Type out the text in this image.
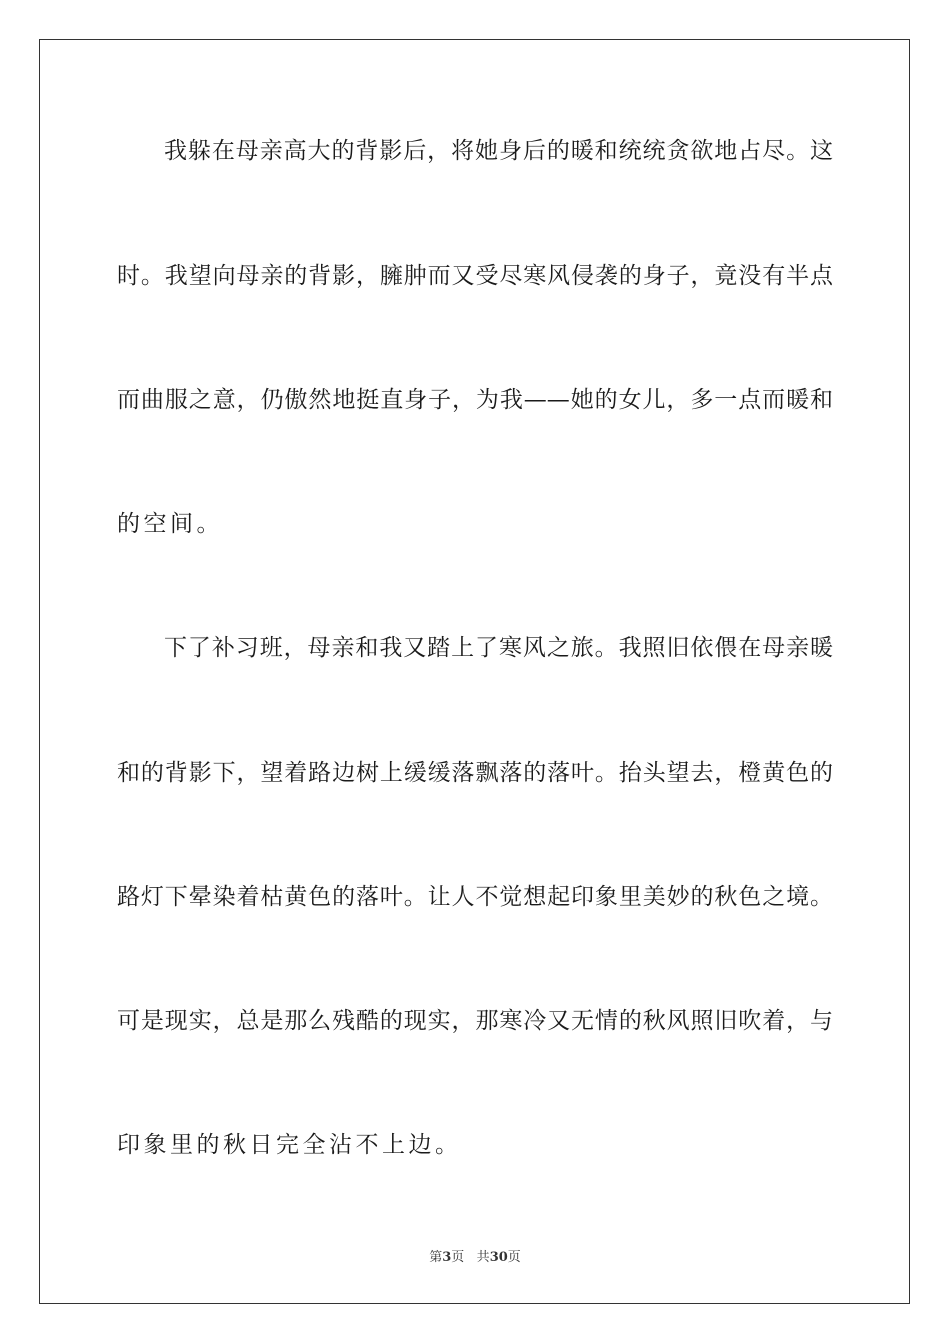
我躲在母亲高大的背影后，将她身后的暖和统统贪欲地占尽。这
时。我望向母亲的背影，臃肿而又受尽寒风侵袭的身子，竟没有半点
而曲服之意，仍傲然地挺直身子，为我——她的女儿，多一点而暖和
的空间。
下了补习班，母亲和我又踏上了寒风之旅。我照旧依偎在母亲暖
和的背影下，望着路边树上缓缓落飘落的落叶。抬头望去，橙黄色的
路灯下晕染着枯黄色的落叶。让人不觉想起印象里美妙的秋色之境。
可是现实，总是那么残酷的现实，那寒冷又无情的秋风照旧吹着，与
印象里的秋日完全沾不上边。
第3页 共30页
